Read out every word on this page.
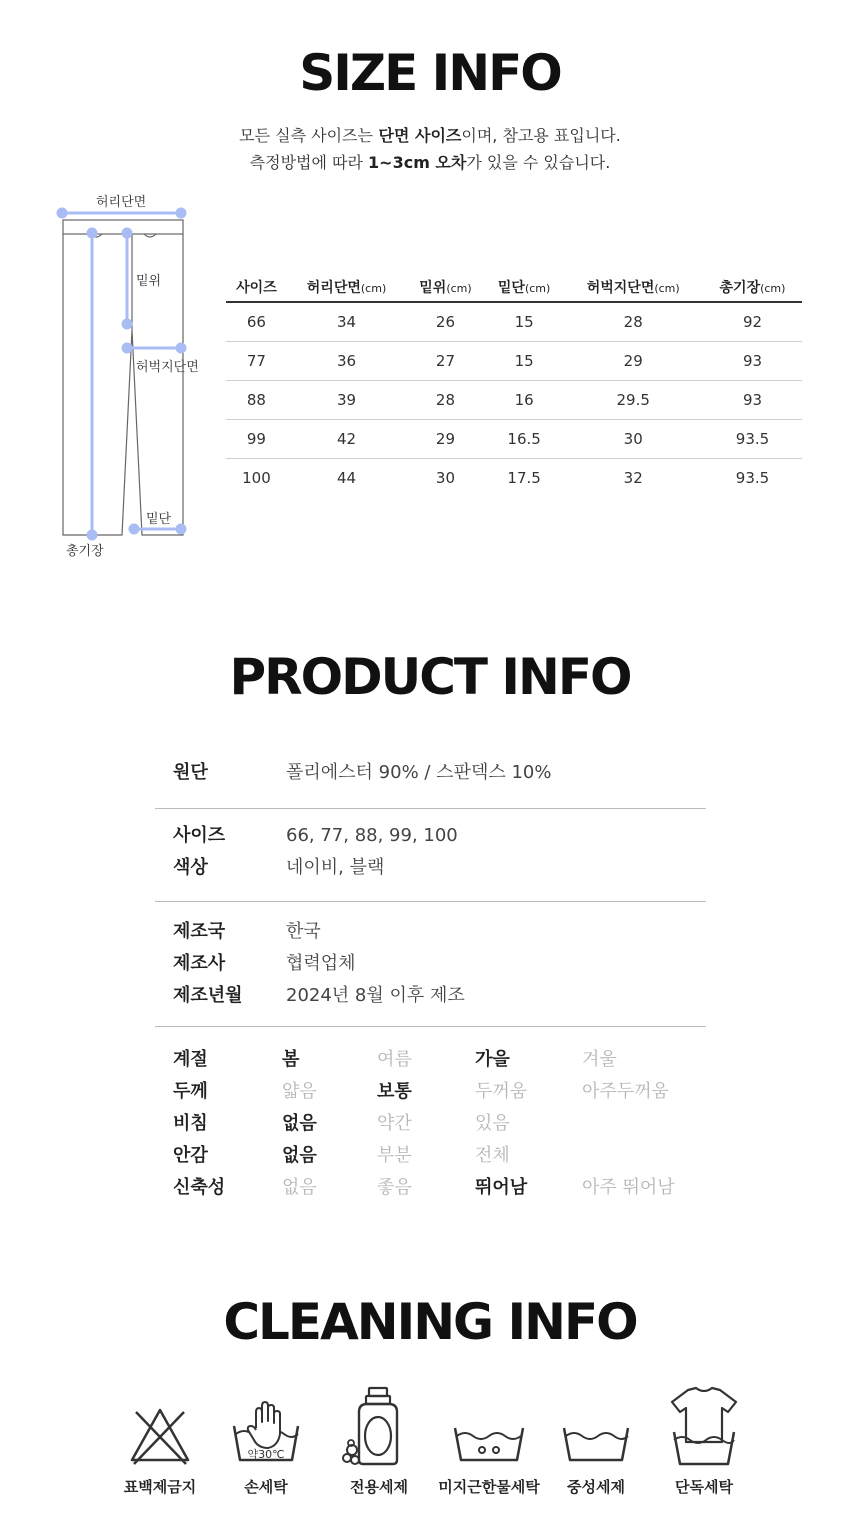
SIZE INFO
모든 실측 사이즈는 단면 사이즈이며, 참고용 표입니다.
측정방법에 따라 1~3cm 오차가 있을 수 있습니다.
허리단면
밑위
허벅지단면
밑단
총기장
사이즈	허리단면(cm)	밑위(cm)	밑단(cm)	허벅지단면(cm)	총기장(cm)
66	34	26	15	28	92
77	36	27	15	29	93
88	39	28	16	29.5	93
99	42	29	16.5	30	93.5
100	44	30	17.5	32	93.5
PRODUCT INFO
원단	폴리에스터 90% / 스판덱스 10%
사이즈	66, 77, 88, 99, 100
색상	네이비, 블랙
제조국	한국
제조사	협력업체
제조년월 2024년 8월 이후 제조
계절	봄	여름	가을	겨울
두께	얇음	보통	두꺼움	아주두꺼움
비침	없음	약간	있음
안감	없음	부분	전체
신축성	없음	좋음	뛰어남	아주 뛰어남
CLEANING INFO
약30℃
표백제금지	손세탁	전용세제	미지근한물세탁	중성세제	단독세탁
